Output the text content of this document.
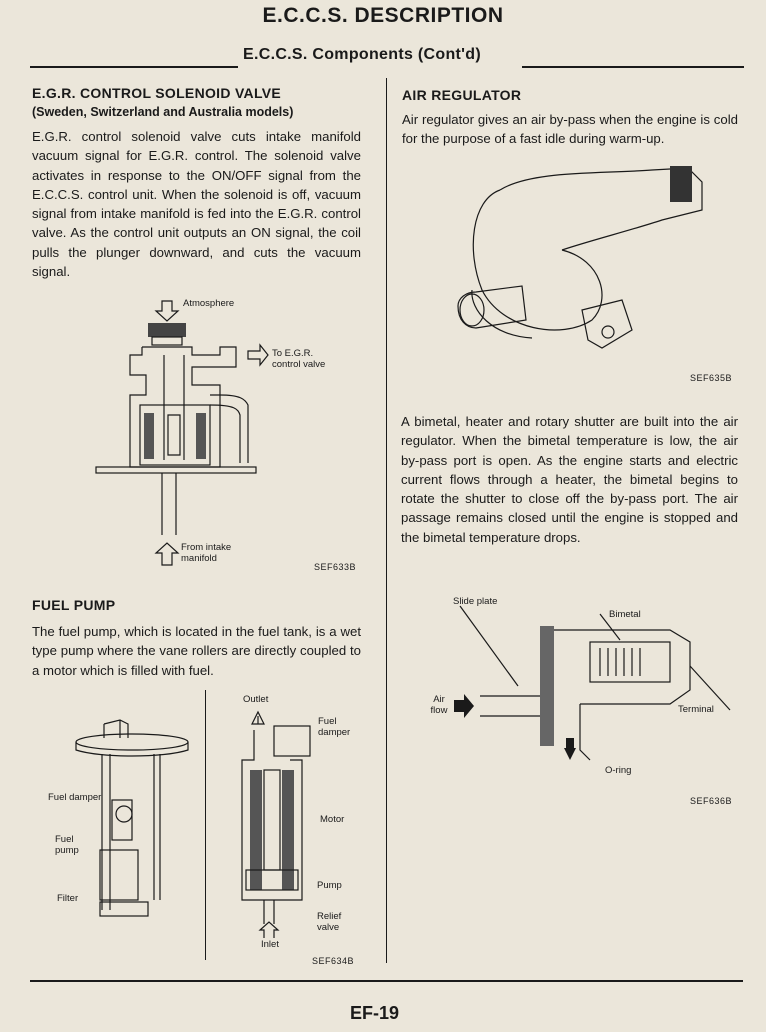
E.C.C.S. DESCRIPTION
E.C.C.S. Components (Cont'd)
E.G.R. CONTROL SOLENOID VALVE
(Sweden, Switzerland and Australia models)
E.G.R. control solenoid valve cuts intake manifold vacuum signal for E.G.R. control. The solenoid valve activates in response to the ON/OFF signal from the E.C.C.S. control unit. When the solenoid is off, vacuum signal from intake manifold is fed into the E.G.R. control valve. As the control unit outputs an ON signal, the coil pulls the plunger downward, and cuts the vacuum signal.
Atmosphere
To E.G.R.
control valve
From intake
manifold
SEF633B
FUEL PUMP
The fuel pump, which is located in the fuel tank, is a wet type pump where the vane rollers are directly coupled to a motor which is filled with fuel.
Fuel damper
Fuel pump
Filter
Outlet
Fuel damper
Motor
Pump
Relief valve
Inlet
SEF634B
AIR REGULATOR
Air regulator gives an air by-pass when the engine is cold for the purpose of a fast idle during warm-up.
SEF635B
A bimetal, heater and rotary shutter are built into the air regulator. When the bimetal temperature is low, the air by-pass port is open. As the engine starts and electric current flows through a heater, the bimetal begins to rotate the shutter to close off the by-pass port. The air passage remains closed until the engine is stopped and the bimetal temperature drops.
Slide plate
Bimetal
Air flow	Terminal
O-ring
SEF636B
EF-19
